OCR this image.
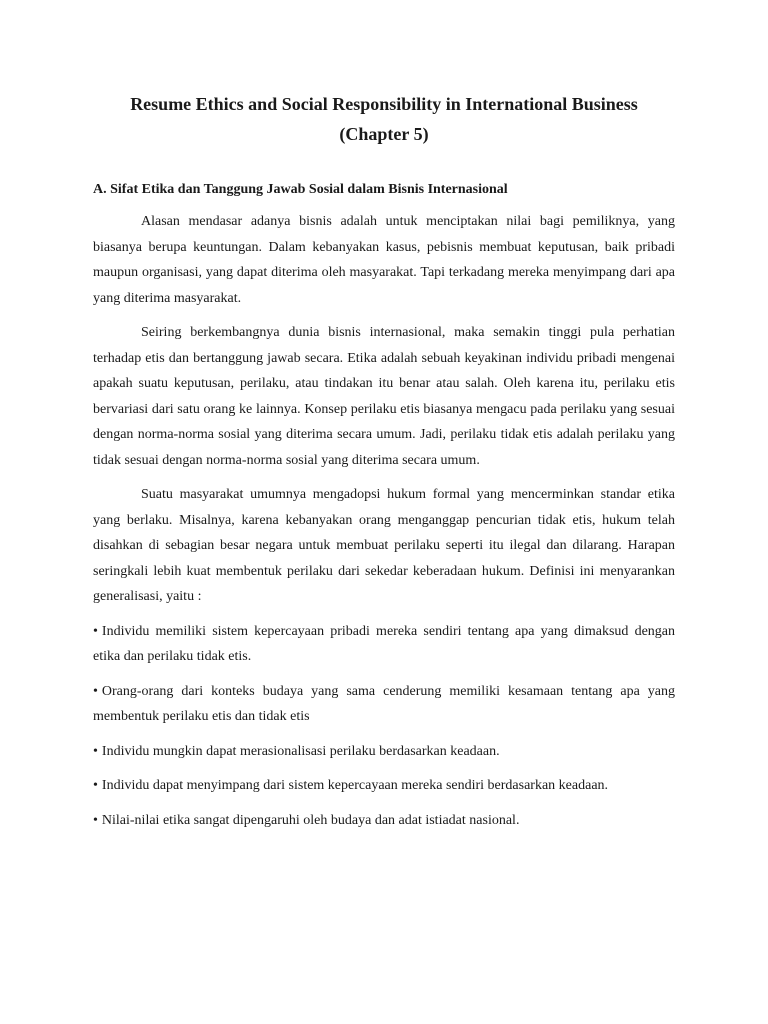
Resume Ethics and Social Responsibility in International Business
(Chapter 5)
A. Sifat Etika dan Tanggung Jawab Sosial dalam Bisnis Internasional

Alasan mendasar adanya bisnis adalah untuk menciptakan nilai bagi pemiliknya, yang biasanya berupa keuntungan. Dalam kebanyakan kasus, pebisnis membuat keputusan, baik pribadi maupun organisasi, yang dapat diterima oleh masyarakat. Tapi terkadang mereka menyimpang dari apa yang diterima masyarakat.

Seiring berkembangnya dunia bisnis internasional, maka semakin tinggi pula perhatian terhadap etis dan bertanggung jawab secara. Etika adalah sebuah keyakinan individu pribadi mengenai apakah suatu keputusan, perilaku, atau tindakan itu benar atau salah. Oleh karena itu, perilaku etis bervariasi dari satu orang ke lainnya. Konsep perilaku etis biasanya mengacu pada perilaku yang sesuai dengan norma-norma sosial yang diterima secara umum. Jadi, perilaku tidak etis adalah perilaku yang tidak sesuai dengan norma-norma sosial yang diterima secara umum.

Suatu masyarakat umumnya mengadopsi hukum formal yang mencerminkan standar etika yang berlaku. Misalnya, karena kebanyakan orang menganggap pencurian tidak etis, hukum telah disahkan di sebagian besar negara untuk membuat perilaku seperti itu ilegal dan dilarang. Harapan seringkali lebih kuat membentuk perilaku dari sekedar keberadaan hukum. Definisi ini menyarankan generalisasi, yaitu :

• Individu memiliki sistem kepercayaan pribadi mereka sendiri tentang apa yang dimaksud dengan etika dan perilaku tidak etis.
• Orang-orang dari konteks budaya yang sama cenderung memiliki kesamaan tentang apa yang membentuk perilaku etis dan tidak etis
• Individu mungkin dapat merasionalisasi perilaku berdasarkan keadaan.
• Individu dapat menyimpang dari sistem kepercayaan mereka sendiri berdasarkan keadaan.
• Nilai-nilai etika sangat dipengaruhi oleh budaya dan adat istiadat nasional.
